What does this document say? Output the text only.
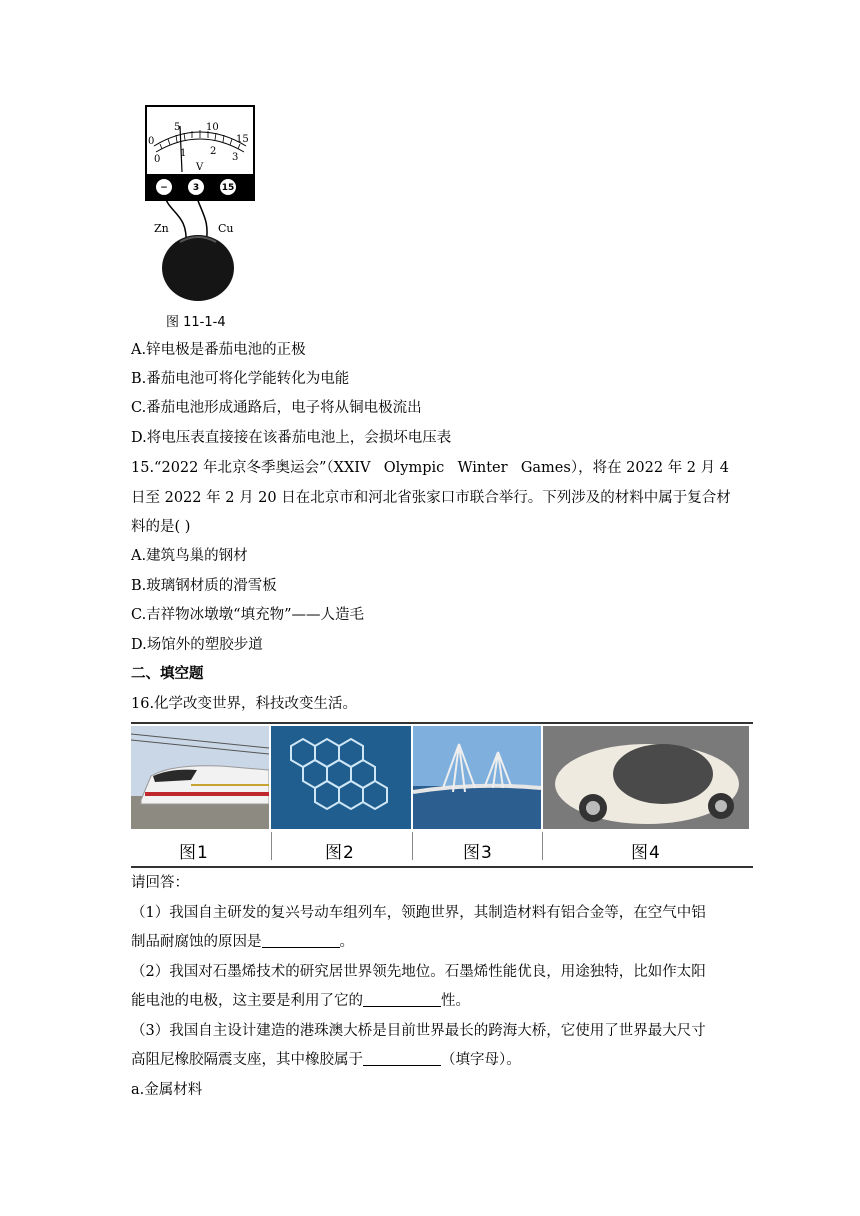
0
5	10
15
0
1 2
3
V
−	3	15
Zn	Cu
图 11-1-4
A.锌电极是番茄电池的正极
B.番茄电池可将化学能转化为电能
C.番茄电池形成通路后，电子将从铜电极流出
D.将电压表直接接在该番茄电池上，会损坏电压表
15.“2022 年北京冬季奥运会”（XXIV Olympic Winter Games），将在 2022 年 2 月 4
日至 2022 年 2 月 20 日在北京市和河北省张家口市联合举行。下列涉及的材料中属于复合材
料的是( )
A.建筑鸟巢的钢材
B.玻璃钢材质的滑雪板
C.吉祥物冰墩墩“填充物”——人造毛
D.场馆外的塑胶步道
二、填空题
16.化学改变世界，科技改变生活。
图1	图2	图3	图4
请回答：
（1）我国自主研发的复兴号动车组列车，领跑世界，其制造材料有铝合金等，在空气中铝
制品耐腐蚀的原因是	。
（2）我国对石墨烯技术的研究居世界领先地位。石墨烯性能优良，用途独特，比如作太阳
能电池的电极，这主要是利用了它的	性。
（3）我国自主设计建造的港珠澳大桥是目前世界最长的跨海大桥，它使用了世界最大尺寸
高阻尼橡胶隔震支座，其中橡胶属于	（填字母）。
a.金属材料
